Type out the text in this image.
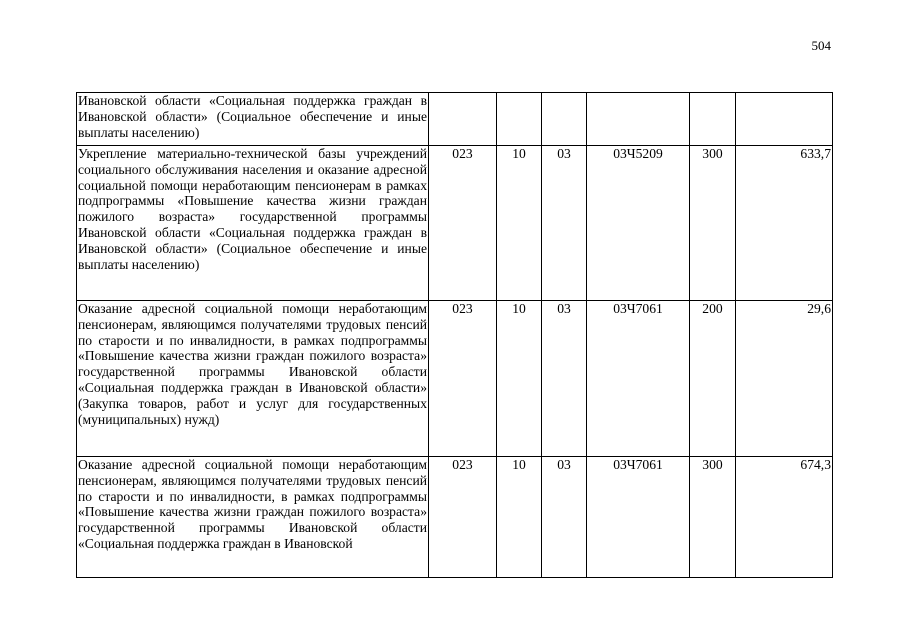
504
Ивановской области «Социальная поддержка граждан в Ивановской области» (Социальное обеспечение и иные выплаты населению)						
Укрепление материально-технической базы учреждений социального обслуживания населения и оказание адресной социальной помощи неработающим пенсионерам в рамках подпрограммы «Повышение качества жизни граждан пожилого возраста» государственной программы Ивановской области «Социальная поддержка граждан в Ивановской области» (Социальное обеспечение и иные выплаты населению)	023	10	03	03Ч5209	300	633,7
Оказание адресной социальной помощи неработающим пенсионерам, являющимся получателями трудовых пенсий по старости и по инвалидности, в рамках подпрограммы «Повышение качества жизни граждан пожилого возраста» государственной программы Ивановской области «Социальная поддержка граждан в Ивановской области» (Закупка товаров, работ и услуг для государственных (муниципальных) нужд)	023	10	03	03Ч7061	200	29,6
Оказание адресной социальной помощи неработающим пенсионерам, являющимся получателями трудовых пенсий по старости и по инвалидности, в рамках подпрограммы «Повышение качества жизни граждан пожилого возраста» государственной программы Ивановской области «Социальная поддержка граждан в Ивановской	023	10	03	03Ч7061	300	674,3
